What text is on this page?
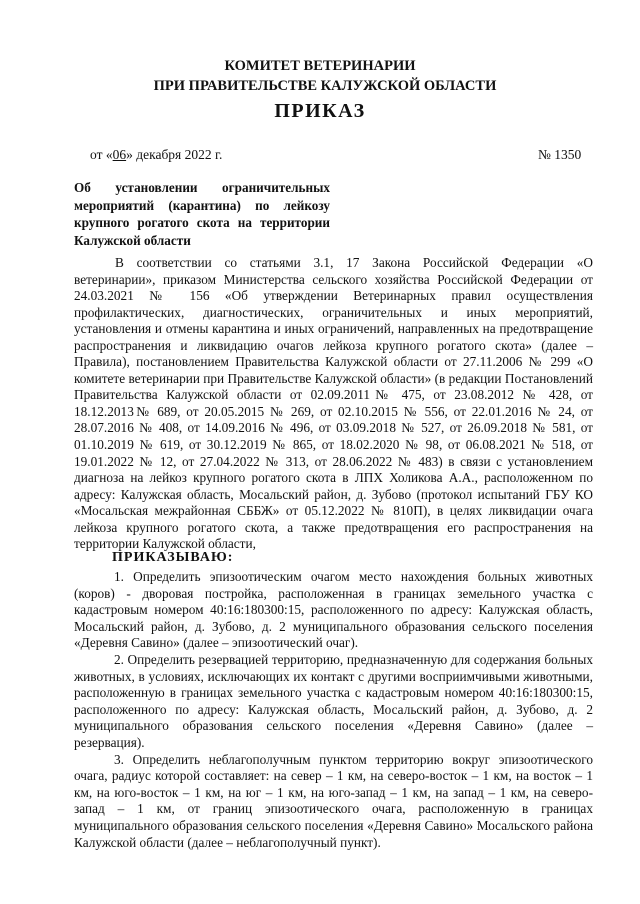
КОМИТЕТ ВЕТЕРИНАРИИ
ПРИ ПРАВИТЕЛЬСТВЕ КАЛУЖСКОЙ ОБЛАСТИ
ПРИКАЗ
от «06» декабря 2022 г.	№ 1350
Об установлении ограничительных мероприятий (карантина) по лейкозу крупного рогатого скота на территории Калужской области

В соответствии со статьями 3.1, 17 Закона Российской Федерации «О ветеринарии», приказом Министерства сельского хозяйства Российской Федерации от 24.03.2021 № 156 «Об утверждении Ветеринарных правил осуществления профилактических, диагностических, ограничительных и иных мероприятий, установления и отмены карантина и иных ограничений, направленных на предотвращение распространения и ликвидацию очагов лейкоза крупного рогатого скота» (далее – Правила), постановлением Правительства Калужской области от 27.11.2006 № 299 «О комитете ветеринарии при Правительстве Калужской области» (в редакции Постановлений Правительства Калужской области от 02.09.2011№ 475, от 23.08.2012 № 428, от 18.12.2013№ 689, от 20.05.2015 № 269, от 02.10.2015 № 556, от 22.01.2016 № 24, от 28.07.2016 № 408, от 14.09.2016 № 496, от 03.09.2018 № 527, от 26.09.2018 № 581, от 01.10.2019 № 619, от 30.12.2019 № 865, от 18.02.2020 № 98, от 06.08.2021 № 518, от 19.01.2022 № 12, от 27.04.2022 № 313, от 28.06.2022 № 483) в связи с установлением диагноза на лейкоз крупного рогатого скота в ЛПХ Холикова А.А., расположенном по адресу: Калужская область, Мосальский район, д. Зубово (протокол испытаний ГБУ КО «Мосальская межрайонная СББЖ» от 05.12.2022 № 810П), в целях ликвидации очага лейкоза крупного рогатого скота, а также предотвращения его распространения на территории Калужской области,

ПРИКАЗЫВАЮ:

1. Определить эпизоотическим очагом место нахождения больных животных (коров) - дворовая постройка, расположенная в границах земельного участка с кадастровым номером 40:16:180300:15, расположенного по адресу: Калужская область, Мосальский район, д. Зубово, д. 2 муниципального образования сельского поселения «Деревня Савино» (далее – эпизоотический очаг).

2. Определить резервацией территорию, предназначенную для содержания больных животных, в условиях, исключающих их контакт с другими восприимчивыми животными, расположенную в границах земельного участка с кадастровым номером 40:16:180300:15, расположенного по адресу: Калужская область, Мосальский район, д. Зубово, д. 2 муниципального образования сельского поселения «Деревня Савино» (далее – резервация).

3. Определить неблагополучным пунктом территорию вокруг эпизоотического очага, радиус которой составляет: на север – 1 км, на северо-восток – 1 км, на восток – 1 км, на юго-восток – 1 км, на юг – 1 км, на юго-запад – 1 км, на запад – 1 км, на северо-запад – 1 км, от границ эпизоотического очага, расположенную в границах муниципального образования сельского поселения «Деревня Савино» Мосальского района Калужской области (далее – неблагополучный пункт).
